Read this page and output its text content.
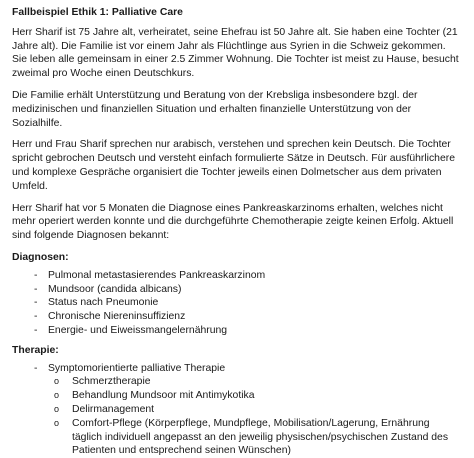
Fallbeispiel Ethik 1: Palliative Care

Herr Sharif ist 75 Jahre alt, verheiratet, seine Ehefrau ist 50 Jahre alt. Sie haben eine Tochter (21 Jahre alt). Die Familie ist vor einem Jahr als Flüchtlinge aus Syrien in die Schweiz gekommen. Sie leben alle gemeinsam in einer 2.5 Zimmer Wohnung. Die Tochter ist meist zu Hause, besucht zweimal pro Woche einen Deutschkurs.

Die Familie erhält Unterstützung und Beratung von der Krebsliga insbesondere bzgl. der medizinischen und finanziellen Situation und erhalten finanzielle Unterstützung von der Sozialhilfe.

Herr und Frau Sharif sprechen nur arabisch, verstehen und sprechen kein Deutsch. Die Tochter spricht gebrochen Deutsch und versteht einfach formulierte Sätze in Deutsch. Für ausführlichere und komplexe Gespräche organisiert die Tochter jeweils einen Dolmetscher aus dem privaten Umfeld.

Herr Sharif hat vor 5 Monaten die Diagnose eines Pankreaskarzinoms erhalten, welches nicht mehr operiert werden konnte und die durchgeführte Chemotherapie zeigte keinen Erfolg. Aktuell sind folgende Diagnosen bekannt:

Diagnosen:
- Pulmonal metastasierendes Pankreaskarzinom
- Mundsoor (candida albicans)
- Status nach Pneumonie
- Chronische Niereninsuffizienz
- Energie- und Eiweissmangelernährung
Therapie:
- Symptomorientierte palliative Therapie
o Schmerztherapie
o Behandlung Mundsoor mit Antimykotika
o Delirmanagement
o Comfort-Pflege (Körperpflege, Mundpflege, Mobilisation/Lagerung, Ernährung täglich individuell angepasst an den jeweilig physischen/psychischen Zustand des Patienten und entsprechend seinen Wünschen)
